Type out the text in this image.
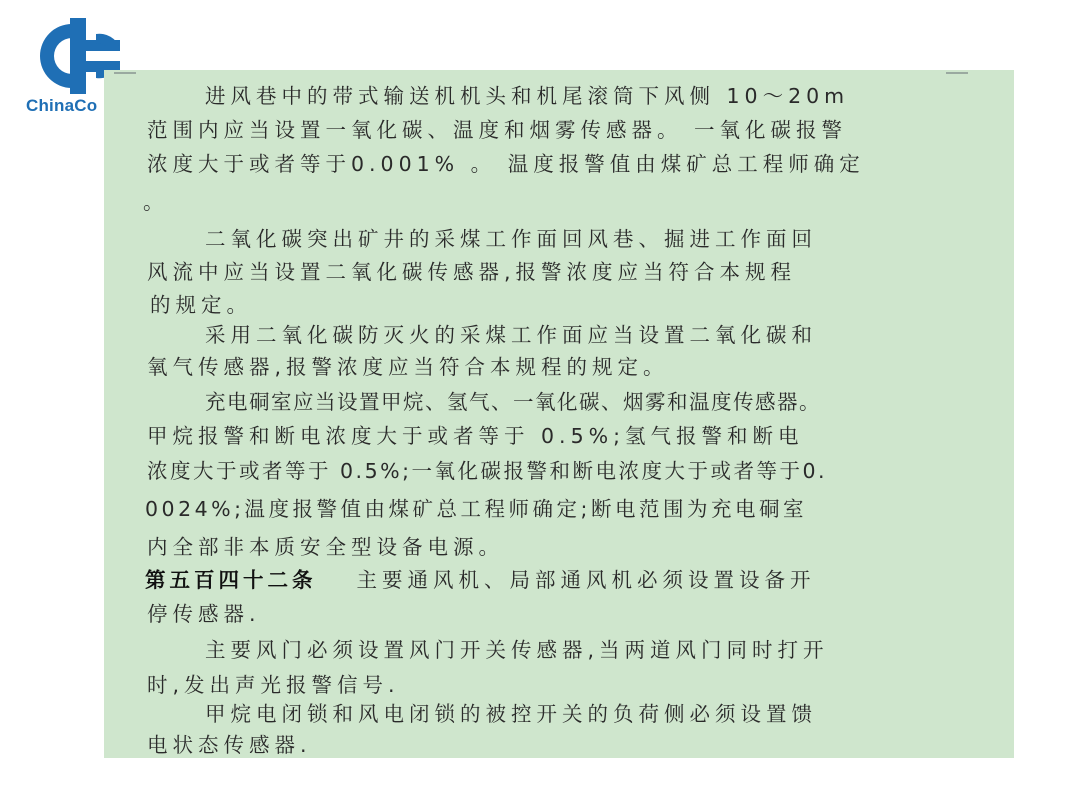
ChinaCo	进风巷中的带式输送机机头和机尾滚筒下风侧 10～20m

范围内应当设置一氧化碳、温度和烟雾传感器。 一氧化碳报警

浓度大于或者等于0.001% 。 温度报警值由煤矿总工程师确定

。

二氧化碳突出矿井的采煤工作面回风巷、掘进工作面回

风流中应当设置二氧化碳传感器,报警浓度应当符合本规程

的规定。

采用二氧化碳防灭火的采煤工作面应当设置二氧化碳和

氧气传感器,报警浓度应当符合本规程的规定。

充电硐室应当设置甲烷、氢气、一氧化碳、烟雾和温度传感器。

甲烷报警和断电浓度大于或者等于 0.5%;氢气报警和断电

浓度大于或者等于 0.5%;一氧化碳报警和断电浓度大于或者等于0.

0024%;温度报警值由煤矿总工程师确定;断电范围为充电硐室

内全部非本质安全型设备电源。

第五百四十二条 主要通风机、局部通风机必须设置设备开

停传感器.

主要风门必须设置风门开关传感器,当两道风门同时打开

时,发出声光报警信号.

甲烷电闭锁和风电闭锁的被控开关的负荷侧必须设置馈

电状态传感器.
